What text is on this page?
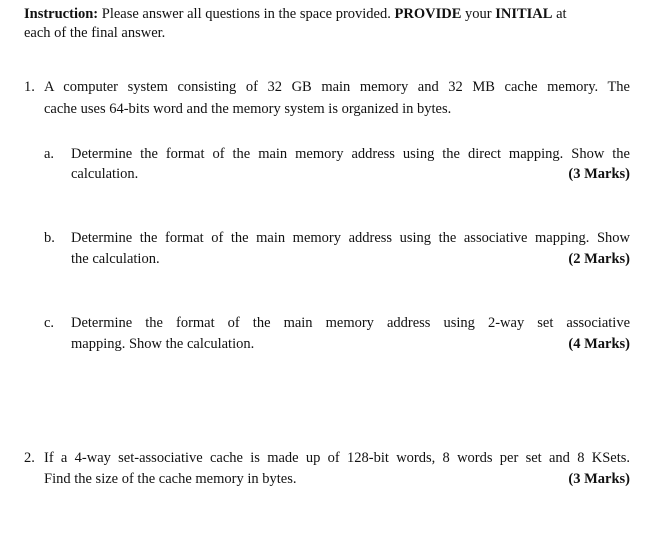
Instruction: Please answer all questions in the space provided. PROVIDE your INITIAL at
each of the final answer.
1. A computer system consisting of 32 GB main memory and 32 MB cache memory. The
cache uses 64-bits word and the memory system is organized in bytes.
a. Determine the format of the main memory address using the direct mapping. Show the
calculation.	(3 Marks)
b. Determine the format of the main memory address using the associative mapping. Show
the calculation.	(2 Marks)
c. Determine the format of the main memory address using 2-way set associative
mapping. Show the calculation.	(4 Marks)
2. If a 4-way set-associative cache is made up of 128-bit words, 8 words per set and 8 KSets.
Find the size of the cache memory in bytes.	(3 Marks)
